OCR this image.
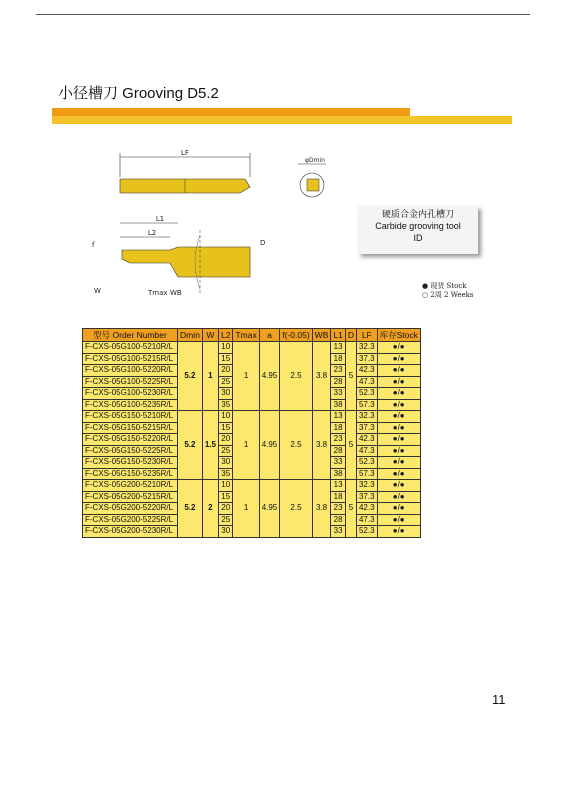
小径槽刀 Grooving D5.2
LF
φDmin
L1
L2
D
f
W	Tmax WB
硬质合金内孔槽刀
Carbide grooving tool
ID
● 现货 Stock
○ 2周 2 Weeks
型号 Order Number	Dmin	W	L2	Tmax	a	f(-0.05)	WB	L1	D	LF	库存Stock
F-CXS-05G100-5210R/L	5.2	1	10	1	4.95	2.5	3.8	13	5	32.3	●/●
F-CXS-05G100-5215R/L			15					18		37.3	●/●
F-CXS-05G100-5220R/L			20					23		42.3	●/●
F-CXS-05G100-5225R/L			25					28		47.3	●/●
F-CXS-05G100-5230R/L			30					33		52.3	●/●
F-CXS-05G100-5235R/L			35					38		57.3	●/●
F-CXS-05G150-5210R/L	5.2	1.5	10	1	4.95	2.5	3.8	13	5	32.3	●/●
F-CXS-05G150-5215R/L			15					18		37.3	●/●
F-CXS-05G150-5220R/L			20					23		42.3	●/●
F-CXS-05G150-5225R/L			25					28		47.3	●/●
F-CXS-05G150-5230R/L			30					33		52.3	●/●
F-CXS-05G150-5235R/L			35					38		57.3	●/●
F-CXS-05G200-5210R/L	5.2	2	10	1	4.95	2.5	3.8	13	5	32.3	●/●
F-CXS-05G200-5215R/L			15					18		37.3	●/●
F-CXS-05G200-5220R/L			20					23		42.3	●/●
F-CXS-05G200-5225R/L			25					28		47.3	●/●
F-CXS-05G200-5230R/L			30					33		52.3	●/●
11
